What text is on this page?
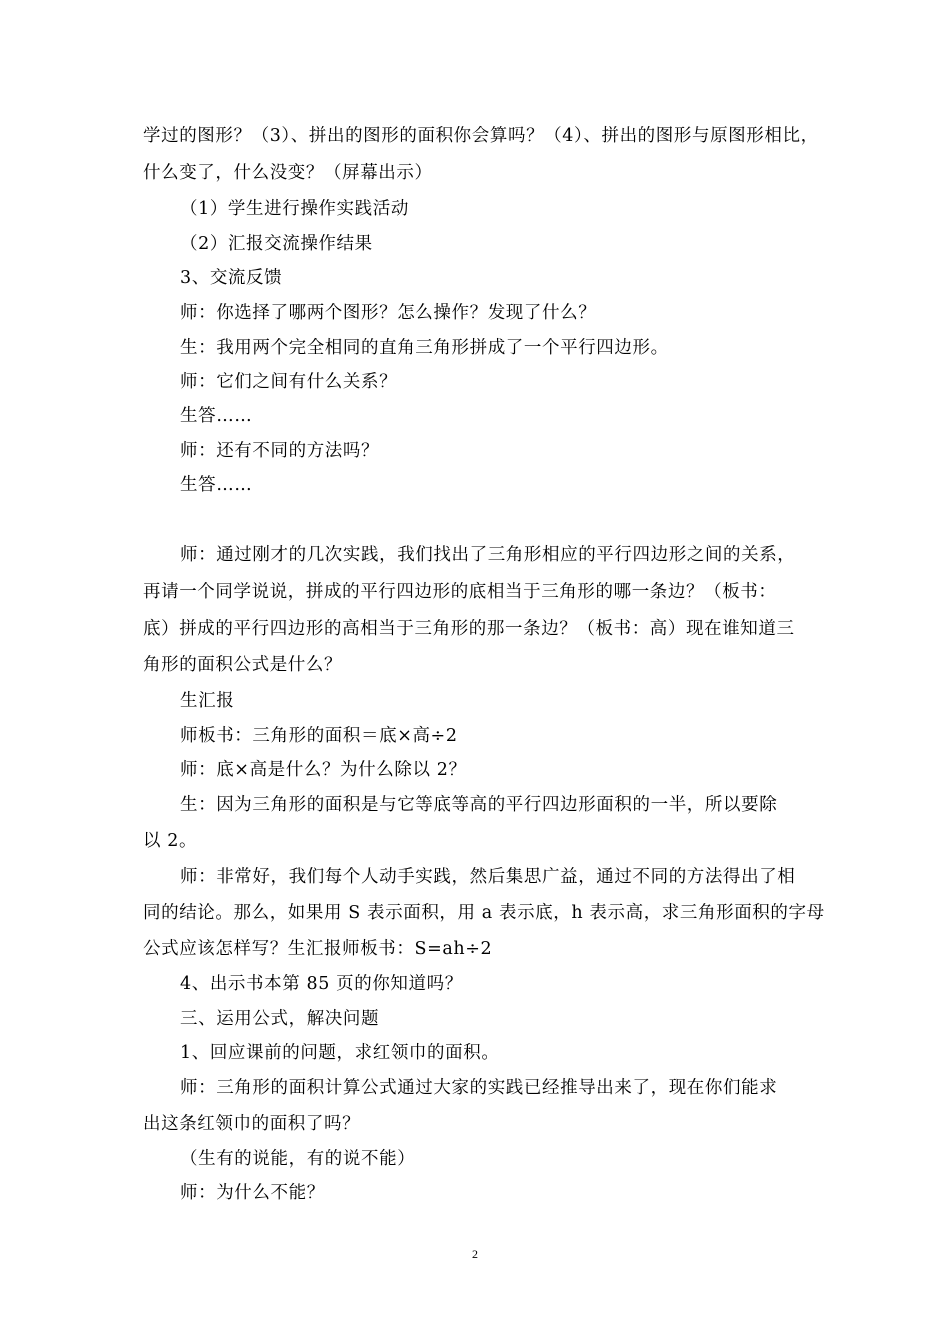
学过的图形？（3）、拼出的图形的面积你会算吗？（4）、拼出的图形与原图形相比，
什么变了，什么没变？（屏幕出示）
（1）学生进行操作实践活动
（2）汇报交流操作结果
3、交流反馈
师：你选择了哪两个图形？怎么操作？发现了什么？
生：我用两个完全相同的直角三角形拼成了一个平行四边形。
师：它们之间有什么关系？
生答……
师：还有不同的方法吗？
生答……
师：通过刚才的几次实践，我们找出了三角形相应的平行四边形之间的关系，
再请一个同学说说，拼成的平行四边形的底相当于三角形的哪一条边？（板书：
底）拼成的平行四边形的高相当于三角形的那一条边？（板书：高）现在谁知道三
角形的面积公式是什么？
生汇报
师板书：三角形的面积＝底×高÷2
师：底×高是什么？为什么除以 2？
生：因为三角形的面积是与它等底等高的平行四边形面积的一半，所以要除
以 2。
师：非常好，我们每个人动手实践，然后集思广益，通过不同的方法得出了相
同的结论。那么，如果用 S 表示面积，用 a 表示底，h 表示高，求三角形面积的字母
公式应该怎样写？生汇报师板书：S=ah÷2
4、出示书本第 85 页的你知道吗？
三、运用公式，解决问题
1、回应课前的问题，求红领巾的面积。
师：三角形的面积计算公式通过大家的实践已经推导出来了，现在你们能求
出这条红领巾的面积了吗？
（生有的说能，有的说不能）
师：为什么不能？
2
